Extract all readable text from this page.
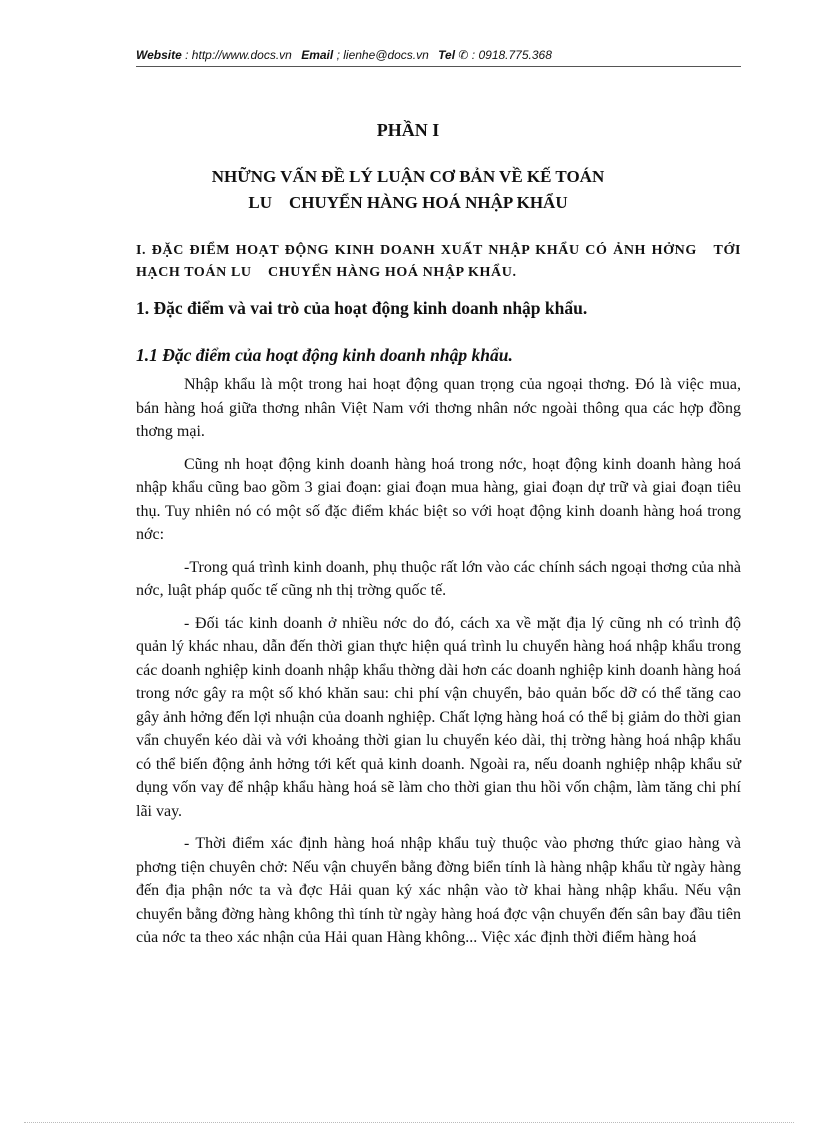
Website : http://www.docs.vn Email ; lienhe@docs.vn Tel ✆ : 0918.775.368
PHẦN I
NHỮNG VẤN ĐỀ LÝ LUẬN CƠ BẢN VỀ KẾ TOÁN
LU    CHUYỂN HÀNG HOÁ NHẬP KHẨU
I. ĐẶC ĐIỂM HOẠT ĐỘNG KINH DOANH XUẤT NHẬP KHẨU CÓ ẢNH HỞNG   TỚI HẠCH TOÁN LU    CHUYỂN HÀNG HOÁ NHẬP KHẨU.
1. Đặc điểm và vai trò của hoạt động kinh doanh nhập khẩu.
1.1 Đặc điểm của hoạt động kinh doanh nhập khẩu.

Nhập khẩu là một trong hai hoạt động quan trọng của ngoại thơng. Đó là việc mua, bán hàng hoá giữa thơng nhân Việt Nam với thơng nhân nớc ngoài thông qua các hợp đồng thơng mại.

Cũng nh hoạt động kinh doanh hàng hoá trong nớc, hoạt động kinh doanh hàng hoá nhập khẩu cũng bao gồm 3 giai đoạn: giai đoạn mua hàng, giai đoạn dự trữ và giai đoạn tiêu thụ. Tuy nhiên nó có một số đặc điểm khác biệt so với hoạt động kinh doanh hàng hoá trong nớc:

-Trong quá trình kinh doanh, phụ thuộc rất lớn vào các chính sách ngoại thơng của nhà nớc, luật pháp quốc tế cũng nh thị trờng quốc tế.

- Đối tác kinh doanh ở nhiều nớc do đó, cách xa về mặt địa lý cũng nh có trình độ quản lý khác nhau, dẫn đến thời gian thực hiện quá trình lu chuyển hàng hoá nhập khẩu trong các doanh nghiệp kinh doanh nhập khẩu thờng dài hơn các doanh nghiệp kinh doanh hàng hoá trong nớc gây ra một số khó khăn sau: chi phí vận chuyển, bảo quản bốc dỡ có thể tăng cao gây ảnh hởng đến lợi nhuận của doanh nghiệp. Chất lợng hàng hoá có thể bị giảm do thời gian vẩn chuyển kéo dài và với khoảng thời gian lu chuyển kéo dài, thị trờng hàng hoá nhập khẩu có thể biến động ảnh hởng tới kết quả kinh doanh. Ngoài ra, nếu doanh nghiệp nhập khẩu sử dụng vốn vay để nhập khẩu hàng hoá sẽ làm cho thời gian thu hồi vốn chậm, làm tăng chi phí lãi vay.

- Thời điểm xác định hàng hoá nhập khẩu tuỳ thuộc vào phơng thức giao hàng và phơng tiện chuyên chở: Nếu vận chuyển bằng đờng biển tính là hàng nhập khẩu từ ngày hàng đến địa phận nớc ta và đợc Hải quan ký xác nhận vào tờ khai hàng nhập khẩu. Nếu vận chuyển bằng đờng hàng không thì tính từ ngày hàng hoá đợc vận chuyển đến sân bay đầu tiên của nớc ta theo xác nhận của Hải quan Hàng không... Việc xác định thời điểm hàng hoá
